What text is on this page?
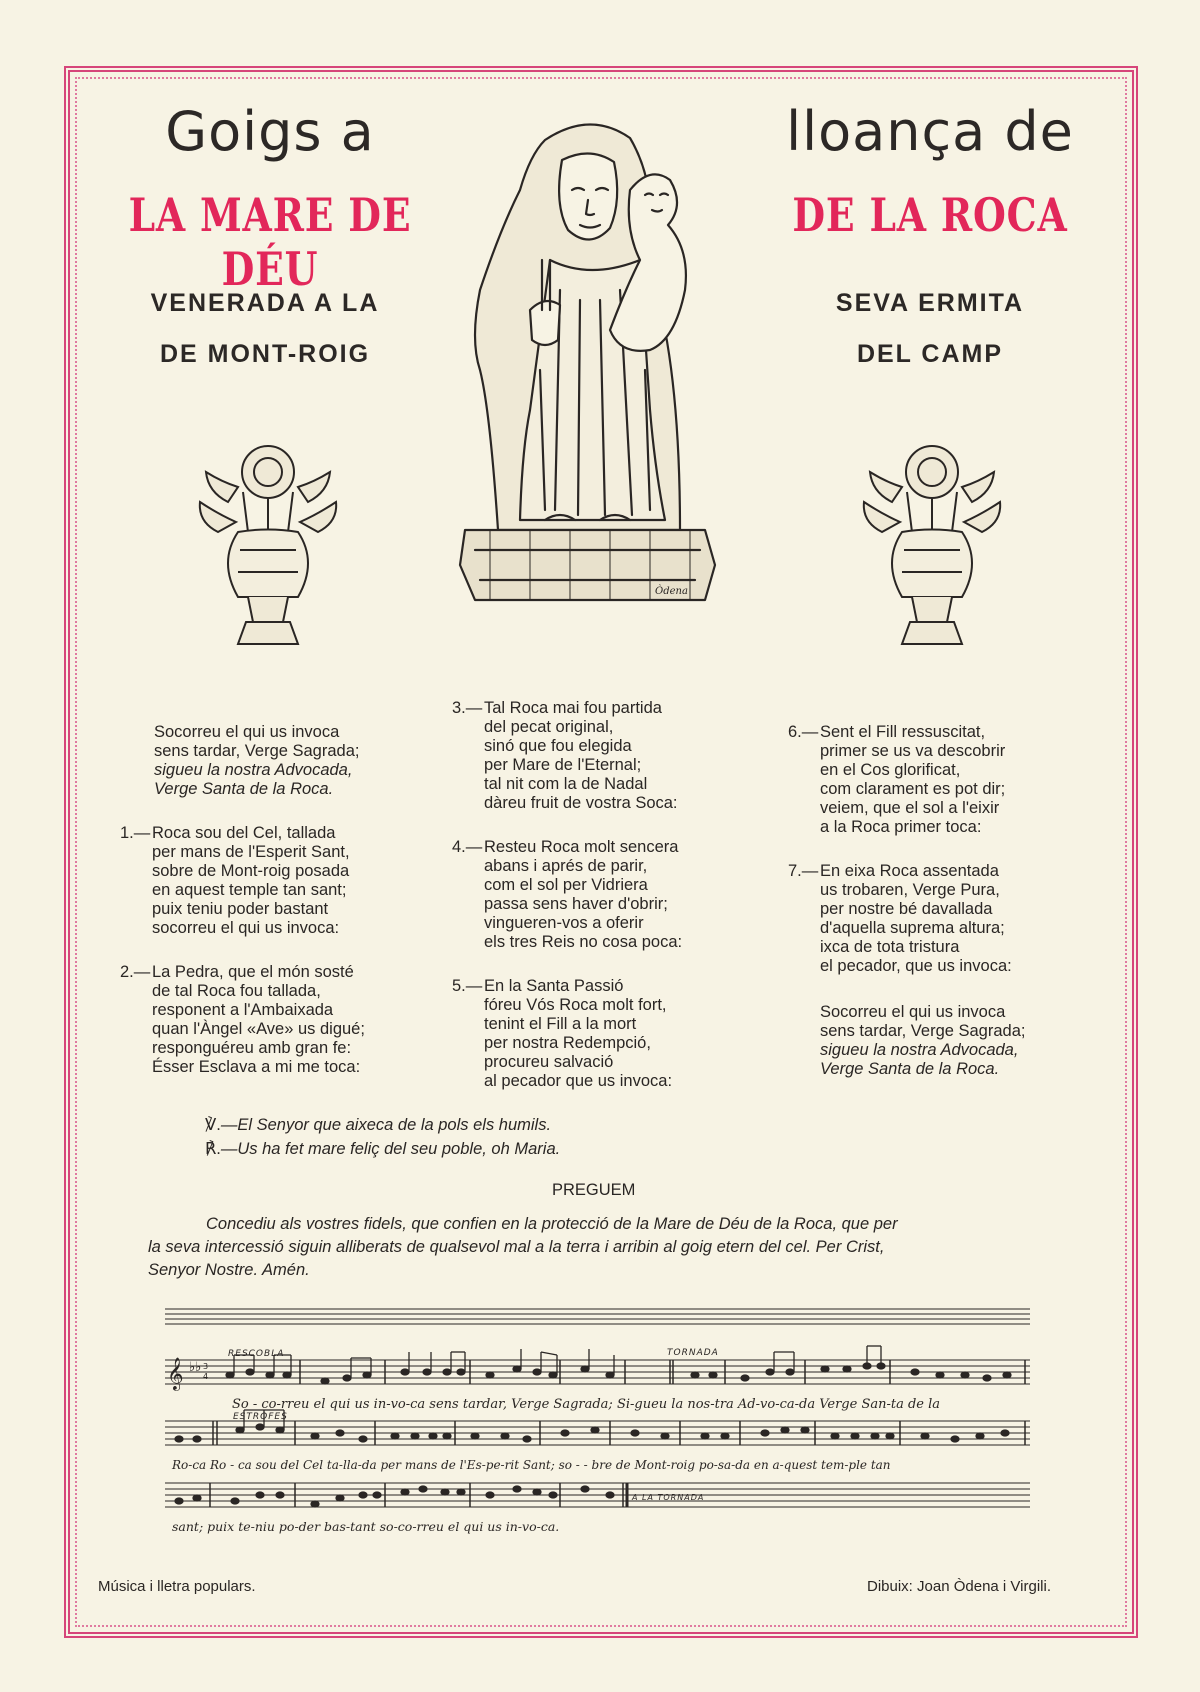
Goigs a	lloança de
LA MARE DE DÉU
DE LA ROCA
VENERADA A LA	SEVA ERMITA
DE MONT-ROIG	DEL CAMP
Òdena
Socorreu el qui us invoca
sens tardar, Verge Sagrada;
sigueu la nostra Advocada,
Verge Santa de la Roca.
1.— Roca sou del Cel, tallada
per mans de l'Esperit Sant,
sobre de Mont-roig posada
en aquest temple tan sant;
puix teniu poder bastant
socorreu el qui us invoca:
2.— La Pedra, que el món sosté
de tal Roca fou tallada,
responent a l'Ambaixada
quan l'Àngel «Ave» us digué;
responguéreu amb gran fe:
Ésser Esclava a mi me toca:
3.— Tal Roca mai fou partida
del pecat original,
sinó que fou elegida
per Mare de l'Eternal;
tal nit com la de Nadal
dàreu fruit de vostra Soca:
4.— Resteu Roca molt sencera
abans i aprés de parir,
com el sol per Vidriera
passa sens haver d'obrir;
vingueren-vos a oferir
els tres Reis no cosa poca:
5.— En la Santa Passió
fóreu Vós Roca molt fort,
tenint el Fill a la mort
per nostra Redempció,
procureu salvació
al pecador que us invoca:
6.— Sent el Fill ressuscitat,
primer se us va descobrir
en el Cos glorificat,
com clarament es pot dir;
veiem, que el sol a l'eixir
a la Roca primer toca:
7.— En eixa Roca assentada
us trobaren, Verge Pura,
per nostre bé davallada
d'aquella suprema altura;
ixca de tota tristura
el pecador, que us invoca:
Socorreu el qui us invoca
sens tardar, Verge Sagrada;
sigueu la nostra Advocada,
Verge Santa de la Roca.
℣.—El Senyor que aixeca de la pols els humils.
℟.—Us ha fet mare feliç del seu poble, oh Maria.
PREGUEM
Concediu als vostres fidels, que confien en la protecció de la Mare de Déu de la Roca, que per
la seva intercessió siguin alliberats de qualsevol mal a la terra i arribin al goig etern del cel. Per Crist,
Senyor Nostre. Amén.
𝄞 ♭♭ 3
4
RESCOBLA	TORNADA
ESTROFES
A LA TORNADA
So - co-rreu el qui us in-vo-ca sens tardar, Verge Sagrada; Si-gueu la nos-tra Ad-vo-ca-da Verge San-ta de la
Ro-ca Ro - ca sou del Cel ta-lla-da per mans de l'Es-pe-rit Sant; so - - bre de Mont-roig po-sa-da en a-quest tem-ple tan
sant; puix te-niu po-der bas-tant so-co-rreu el qui us in-vo-ca.
Música i lletra populars.	Dibuix: Joan Òdena i Virgili.
